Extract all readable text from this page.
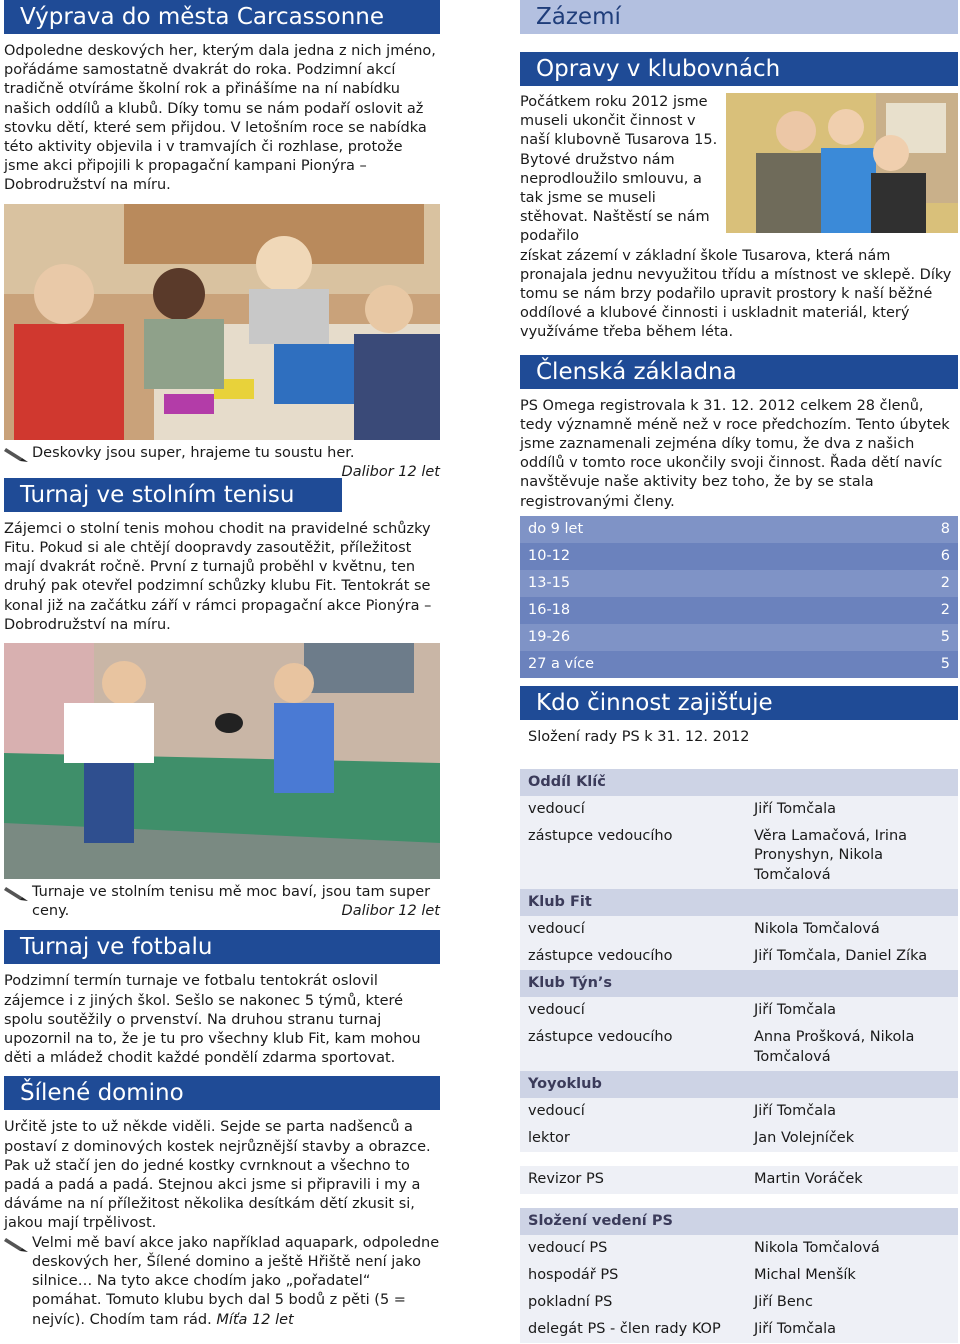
Výprava do města Carcassonne

Odpoledne deskových her, kterým dala jedna z nich jméno, pořádáme samostatně dvakrát do roka. Podzimní akcí tradičně otvíráme školní rok a přinášíme na ní nabídku našich oddílů a klubů. Díky tomu se nám podaří oslovit až stovku dětí, které sem přijdou. V letošním roce se nabídka této aktivity objevila i v tramvajích či rozhlase, protože jsme akci připojili k propagační kampani Pionýra – Dobrodružství na míru.

Deskovky jsou super, hrajeme tu soustu her.

Dalibor 12 let
Turnaj ve stolním tenisu

Zájemci o stolní tenis mohou chodit na pravidelné schůzky Fitu. Pokud si ale chtějí doopravdy zasoutěžit, příležitost mají dvakrát ročně. První z turnajů proběhl v květnu, ten druhý pak otevřel podzimní schůzky klubu Fit. Tentokrát se konal již na začátku září v rámci propagační akce Pionýra – Dobrodružství na míru.

Turnaje ve stolním tenisu mě moc baví, jsou tam super ceny.	Dalibor 12 let
Turnaj ve fotbalu

Podzimní termín turnaje ve fotbalu tentokrát oslovil zájemce i z jiných škol. Sešlo se nakonec 5 týmů, které spolu soutěžily o prvenství. Na druhou stranu turnaj upozornil na to, že je tu pro všechny klub Fit, kam mohou děti a mládež chodit každé pondělí zdarma sportovat.

Šílené domino

Určitě jste to už někde viděli. Sejde se parta nadšenců a postaví z dominových kostek nejrůznější stavby a obrazce. Pak už stačí jen do jedné kostky cvrnknout a všechno to padá a padá a padá. Stejnou akci jsme si připravili i my a dáváme na ní příležitost několika desítkám dětí zkusit si, jakou mají trpělivost.

Velmi mě baví akce jako například aquapark, odpoledne deskových her, Šílené domino a ještě Hřiště není jako silnice… Na tyto akce chodím jako „pořadatel“ pomáhat. Tomuto klubu bych dal 5 bodů z pěti (5 = nejvíc). Chodím tam rád. Míťa 12 let
Zázemí
Opravy v klubovnách

Počátkem roku 2012 jsme museli ukončit činnost v naší klubovně Tusarova 15. Bytové družstvo nám neprodloužilo smlouvu, a tak jsme se museli stěhovat. Naštěstí se nám podařilo

získat zázemí v základní škole Tusarova, která nám pronajala jednu nevyužitou třídu a místnost ve sklepě. Díky tomu se nám brzy podařilo upravit prostory k naší běžné oddílové a klubové činnosti i uskladnit materiál, který využíváme třeba během léta.

Členská základna

PS Omega registrovala k 31. 12. 2012 celkem 28 členů, tedy významně méně než v roce předchozím. Tento úbytek jsme zaznamenali zejména díky tomu, že dva z našich oddílů v tomto roce ukončily svoji činnost. Řada dětí navíc navštěvuje naše aktivity bez toho, že by se stala registrovanými členy.

do 9 let	8
10-12	6
13-15	2
16-18	2
19-26	5
27 a více	5
Kdo činnost zajišťuje

Složení rady PS k 31. 12. 2012

Oddíl Klíč
vedoucí	Jiří Tomčala
zástupce vedoucího	Věra Lamačová, Irina Pronyshyn, Nikola Tomčalová
Klub Fit
vedoucí	Nikola Tomčalová
zástupce vedoucího	Jiří Tomčala, Daniel Zíka
Klub Týn’s
vedoucí	Jiří Tomčala
zástupce vedoucího	Anna Prošková, Nikola Tomčalová
Yoyoklub
vedoucí	Jiří Tomčala
lektor	Jan Volejníček
Revizor PS	Martin Voráček
Složení vedení PS
vedoucí PS	Nikola Tomčalová
hospodář PS	Michal Menšík
pokladní PS	Jiří Benc
delegát PS - člen rady KOP	Jiří Tomčala
